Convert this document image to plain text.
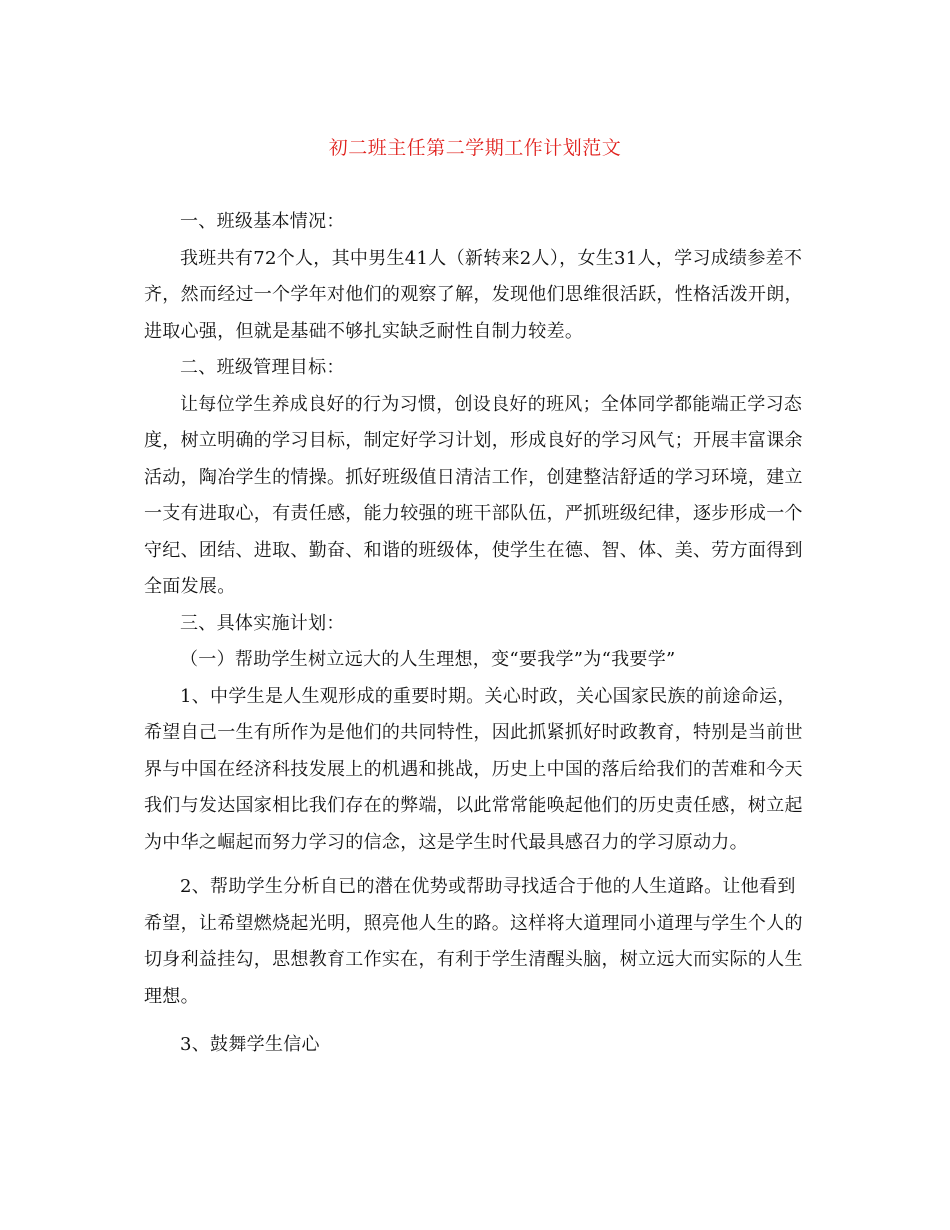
初二班主任第二学期工作计划范文

一、班级基本情况：

我班共有72个人，其中男生41人（新转来2人），女生31人，学习成绩参差不齐，然而经过一个学年对他们的观察了解，发现他们思维很活跃，性格活泼开朗，进取心强，但就是基础不够扎实缺乏耐性自制力较差。

二、班级管理目标：

让每位学生养成良好的行为习惯，创设良好的班风；全体同学都能端正学习态度，树立明确的学习目标，制定好学习计划，形成良好的学习风气；开展丰富课余活动，陶冶学生的情操。抓好班级值日清洁工作，创建整洁舒适的学习环境，建立一支有进取心，有责任感，能力较强的班干部队伍，严抓班级纪律，逐步形成一个守纪、团结、进取、勤奋、和谐的班级体，使学生在德、智、体、美、劳方面得到全面发展。

三、具体实施计划：

（一）帮助学生树立远大的人生理想，变“要我学”为“我要学”

1、中学生是人生观形成的重要时期。关心时政，关心国家民族的前途命运，希望自己一生有所作为是他们的共同特性，因此抓紧抓好时政教育，特别是当前世界与中国在经济科技发展上的机遇和挑战，历史上中国的落后给我们的苦难和今天我们与发达国家相比我们存在的弊端，以此常常能唤起他们的历史责任感，树立起为中华之崛起而努力学习的信念，这是学生时代最具感召力的学习原动力。

2、帮助学生分析自已的潜在优势或帮助寻找适合于他的人生道路。让他看到希望，让希望燃烧起光明，照亮他人生的路。这样将大道理同小道理与学生个人的切身利益挂勾，思想教育工作实在，有利于学生清醒头脑，树立远大而实际的人生理想。

3、鼓舞学生信心
